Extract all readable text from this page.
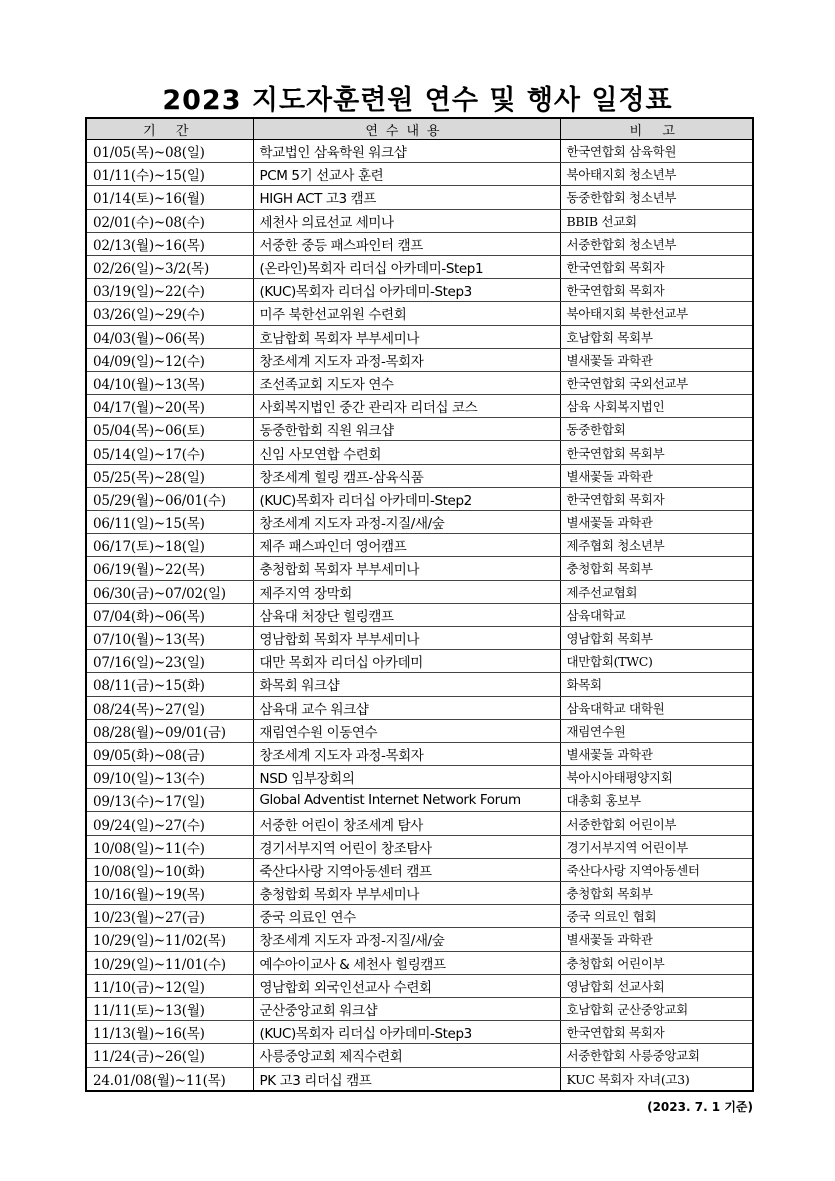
2023 지도자훈련원 연수 및 행사 일정표
기 간	연수내용	비 고
01/05(목)~08(일)	학교법인 삼육학원 워크샵	한국연합회 삼육학원
01/11(수)~15(일)	PCM 5기 선교사 훈련	북아태지회 청소년부
01/14(토)~16(월)	HIGH ACT 고3 캠프	동중한합회 청소년부
02/01(수)~08(수)	세천사 의료선교 세미나	BBIB 선교회
02/13(월)~16(목)	서중한 중등 패스파인터 캠프	서중한합회 청소년부
02/26(일)~3/2(목)	(온라인)목회자 리더십 아카데미-Step1	한국연합회 목회자
03/19(일)~22(수)	(KUC)목회자 리더십 아카데미-Step3	한국연합회 목회자
03/26(일)~29(수)	미주 북한선교위원 수련회	북아태지회 북한선교부
04/03(월)~06(목)	호남합회 목회자 부부세미나	호남합회 목회부
04/09(일)~12(수)	창조세계 지도자 과정-목회자	별새꽃돌 과학관
04/10(월)~13(목)	조선족교회 지도자 연수	한국연합회 국외선교부
04/17(월)~20(목)	사회복지법인 중간 관리자 리더십 코스	삼육 사회복지법인
05/04(목)~06(토)	동중한합회 직원 워크샵	동중한합회
05/14(일)~17(수)	신임 사모연합 수련회	한국연합회 목회부
05/25(목)~28(일)	창조세계 힐링 캠프-삼육식품	별새꽃돌 과학관
05/29(월)~06/01(수)	(KUC)목회자 리더십 아카데미-Step2	한국연합회 목회자
06/11(일)~15(목)	창조세계 지도자 과정-지질/새/숲	별새꽃돌 과학관
06/17(토)~18(일)	제주 패스파인더 영어캠프	제주협회 청소년부
06/19(월)~22(목)	충청합회 목회자 부부세미나	충청합회 목회부
06/30(금)~07/02(일)	제주지역 장막회	제주선교협회
07/04(화)~06(목)	삼육대 처장단 힐링캠프	삼육대학교
07/10(월)~13(목)	영남합회 목회자 부부세미나	영남합회 목회부
07/16(일)~23(일)	대만 목회자 리더십 아카데미	대만합회(TWC)
08/11(금)~15(화)	화목회 워크샵	화목회
08/24(목)~27(일)	삼육대 교수 워크샵	삼육대학교 대학원
08/28(월)~09/01(금)	재림연수원 이동연수	재림연수원
09/05(화)~08(금)	창조세계 지도자 과정-목회자	별새꽃돌 과학관
09/10(일)~13(수)	NSD 임부장회의	북아시아태평양지회
09/13(수)~17(일)	Global Adventist Internet Network Forum	대총회 홍보부
09/24(일)~27(수)	서중한 어린이 창조세계 탐사	서중한합회 어린이부
10/08(일)~11(수)	경기서부지역 어린이 창조탐사	경기서부지역 어린이부
10/08(일)~10(화)	죽산다사랑 지역아동센터 캠프	죽산다사랑 지역아동센터
10/16(월)~19(목)	충청합회 목회자 부부세미나	충청합회 목회부
10/23(월)~27(금)	중국 의료인 연수	중국 의료인 협회
10/29(일)~11/02(목)	창조세계 지도자 과정-지질/새/숲	별새꽃돌 과학관
10/29(일)~11/01(수)	예수아이교사 & 세천사 힐링캠프	충청합회 어린이부
11/10(금)~12(일)	영남합회 외국인선교사 수련회	영남합회 선교사회
11/11(토)~13(월)	군산중앙교회 워크샵	호남합회 군산중앙교회
11/13(월)~16(목)	(KUC)목회자 리더십 아카데미-Step3	한국연합회 목회자
11/24(금)~26(일)	사릉중앙교회 제직수련회	서중한합회 사릉중앙교회
24.01/08(월)~11(목)	PK 고3 리더십 캠프	KUC 목회자 자녀(고3)
(2023. 7. 1 기준)
